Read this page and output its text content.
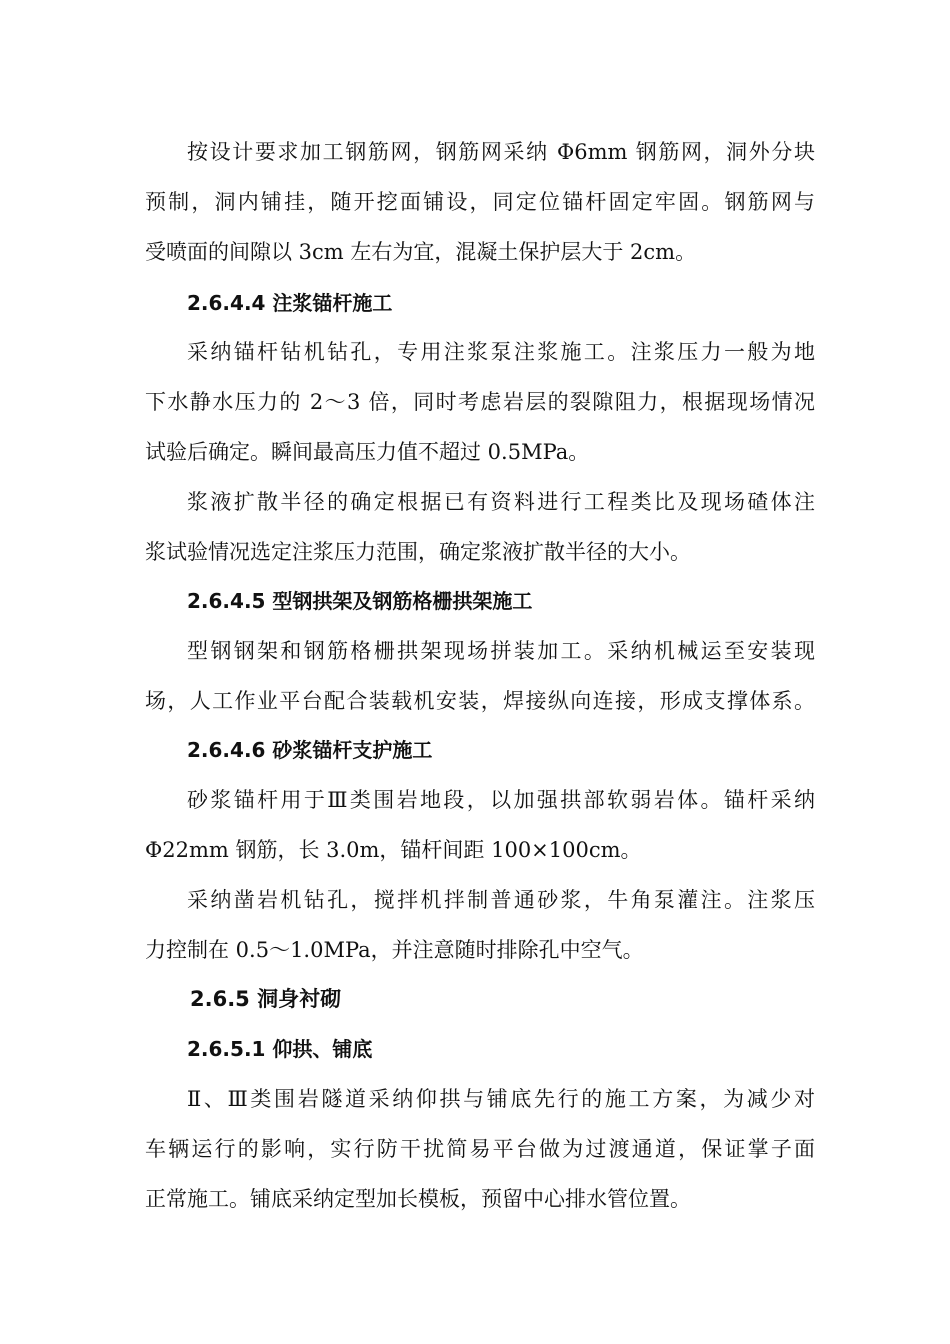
按设计要求加工钢筋网，钢筋网采纳 Φ6mm 钢筋网，洞外分块
预制，洞内铺挂，随开挖面铺设，同定位锚杆固定牢固。钢筋网与
受喷面的间隙以 3cm 左右为宜，混凝土保护层大于 2cm。
2.6.4.4 注浆锚杆施工
采纳锚杆钻机钻孔，专用注浆泵注浆施工。注浆压力一般为地
下水静水压力的 2～3 倍，同时考虑岩层的裂隙阻力，根据现场情况
试验后确定。瞬间最高压力值不超过 0.5MPa。
浆液扩散半径的确定根据已有资料进行工程类比及现场碴体注
浆试验情况选定注浆压力范围，确定浆液扩散半径的大小。
2.6.4.5 型钢拱架及钢筋格栅拱架施工
型钢钢架和钢筋格栅拱架现场拼装加工。采纳机械运至安装现
场，人工作业平台配合装载机安装，焊接纵向连接，形成支撑体系。
2.6.4.6 砂浆锚杆支护施工
砂浆锚杆用于Ⅲ类围岩地段，以加强拱部软弱岩体。锚杆采纳
Φ22mm 钢筋，长 3.0m，锚杆间距 100×100cm。
采纳凿岩机钻孔，搅拌机拌制普通砂浆，牛角泵灌注。注浆压
力控制在 0.5～1.0MPa，并注意随时排除孔中空气。
2.6.5 洞身衬砌
2.6.5.1 仰拱、铺底
Ⅱ、Ⅲ类围岩隧道采纳仰拱与铺底先行的施工方案，为减少对
车辆运行的影响，实行防干扰简易平台做为过渡通道，保证掌子面
正常施工。铺底采纳定型加长模板，预留中心排水管位置。
